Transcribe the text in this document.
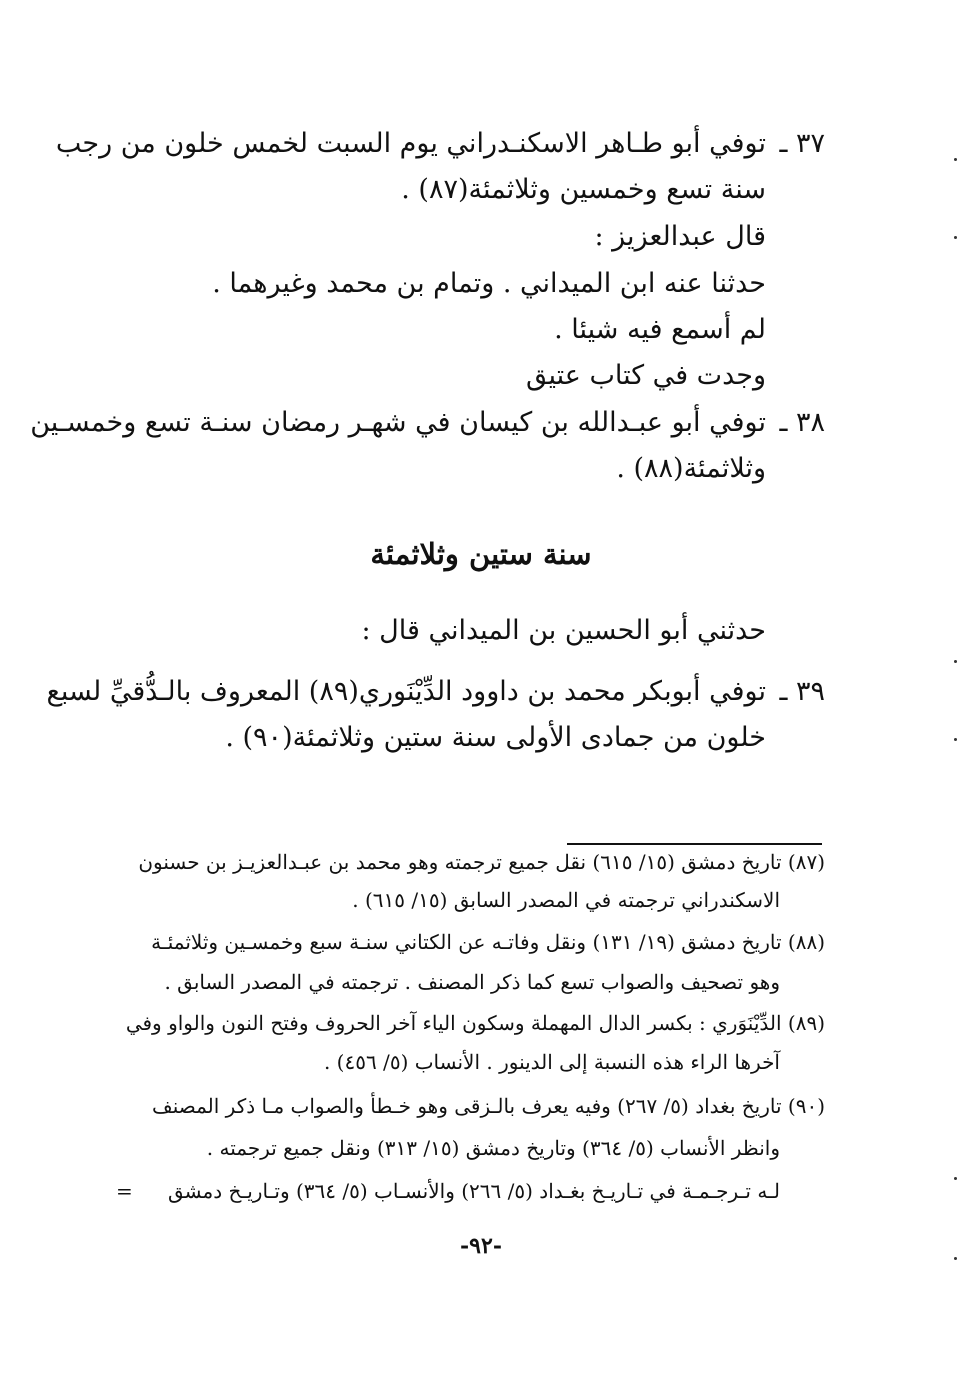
٣٧ ـ
توفي أبو طـاهر الاسكنـدراني يوم السبت لخمس خلون من رجب
سنة تسع وخمسين وثلاثمئة(٨٧) .
قال عبدالعزيز :
حدثنا عنه ابن الميداني . وتمام بن محمد وغيرهما .
لم أسمع فيه شيئا .
وجدت في كتاب عتيق
٣٨ ـ
توفي أبو عبـدالله بن كيسان في شهـر رمضان سنـة تسع وخمسـين
وثلاثمئة(٨٨) .
سنة ستين وثلاثمئة
حدثني أبو الحسين بن الميداني قال :
٣٩ ـ
توفي أبوبكر محمد بن داوود الدِّيْنَوري(٨٩) المعروف بالـدُّقيِّ لسبع
خلون من جمادى الأولى سنة ستين وثلاثمئة(٩٠) .
(٨٧) تاريخ دمشق (١٥/ ٦١٥) نقل جميع ترجمته وهو محمد بن عبـدالعزيـز بن حسنون
الاسكندراني ترجمته في المصدر السابق (١٥/ ٦١٥) .
(٨٨) تاريخ دمشق (١٩/ ١٣١) ونقل وفاتـه عن الكتاني سنـة سبع وخمسـين وثلاثمئـة
وهو تصحيف والصواب تسع كما ذكر المصنف . ترجمته في المصدر السابق .
(٨٩) الدِّيْنَوَري : بكسر الدال المهملة وسكون الياء آخر الحروف وفتح النون والواو وفي
آخرها الراء هذه النسبة إلى الدينور . الأنساب (٥/ ٤٥٦) .
(٩٠) تاريخ بغداد (٥/ ٢٦٧) وفيه يعرف بالـزقى وهو خـطأ والصواب مـا ذكر المصنف
وانظر الأنساب (٥/ ٣٦٤) وتاريخ دمشق (١٥/ ٣١٣) ونقل جميع ترجمته .
لـه تـرجـمـة في تـاريـخ بغـداد (٥/ ٢٦٦) والأنسـاب (٥/ ٣٦٤) وتـاريـخ دمشق
=
-٩٢-
